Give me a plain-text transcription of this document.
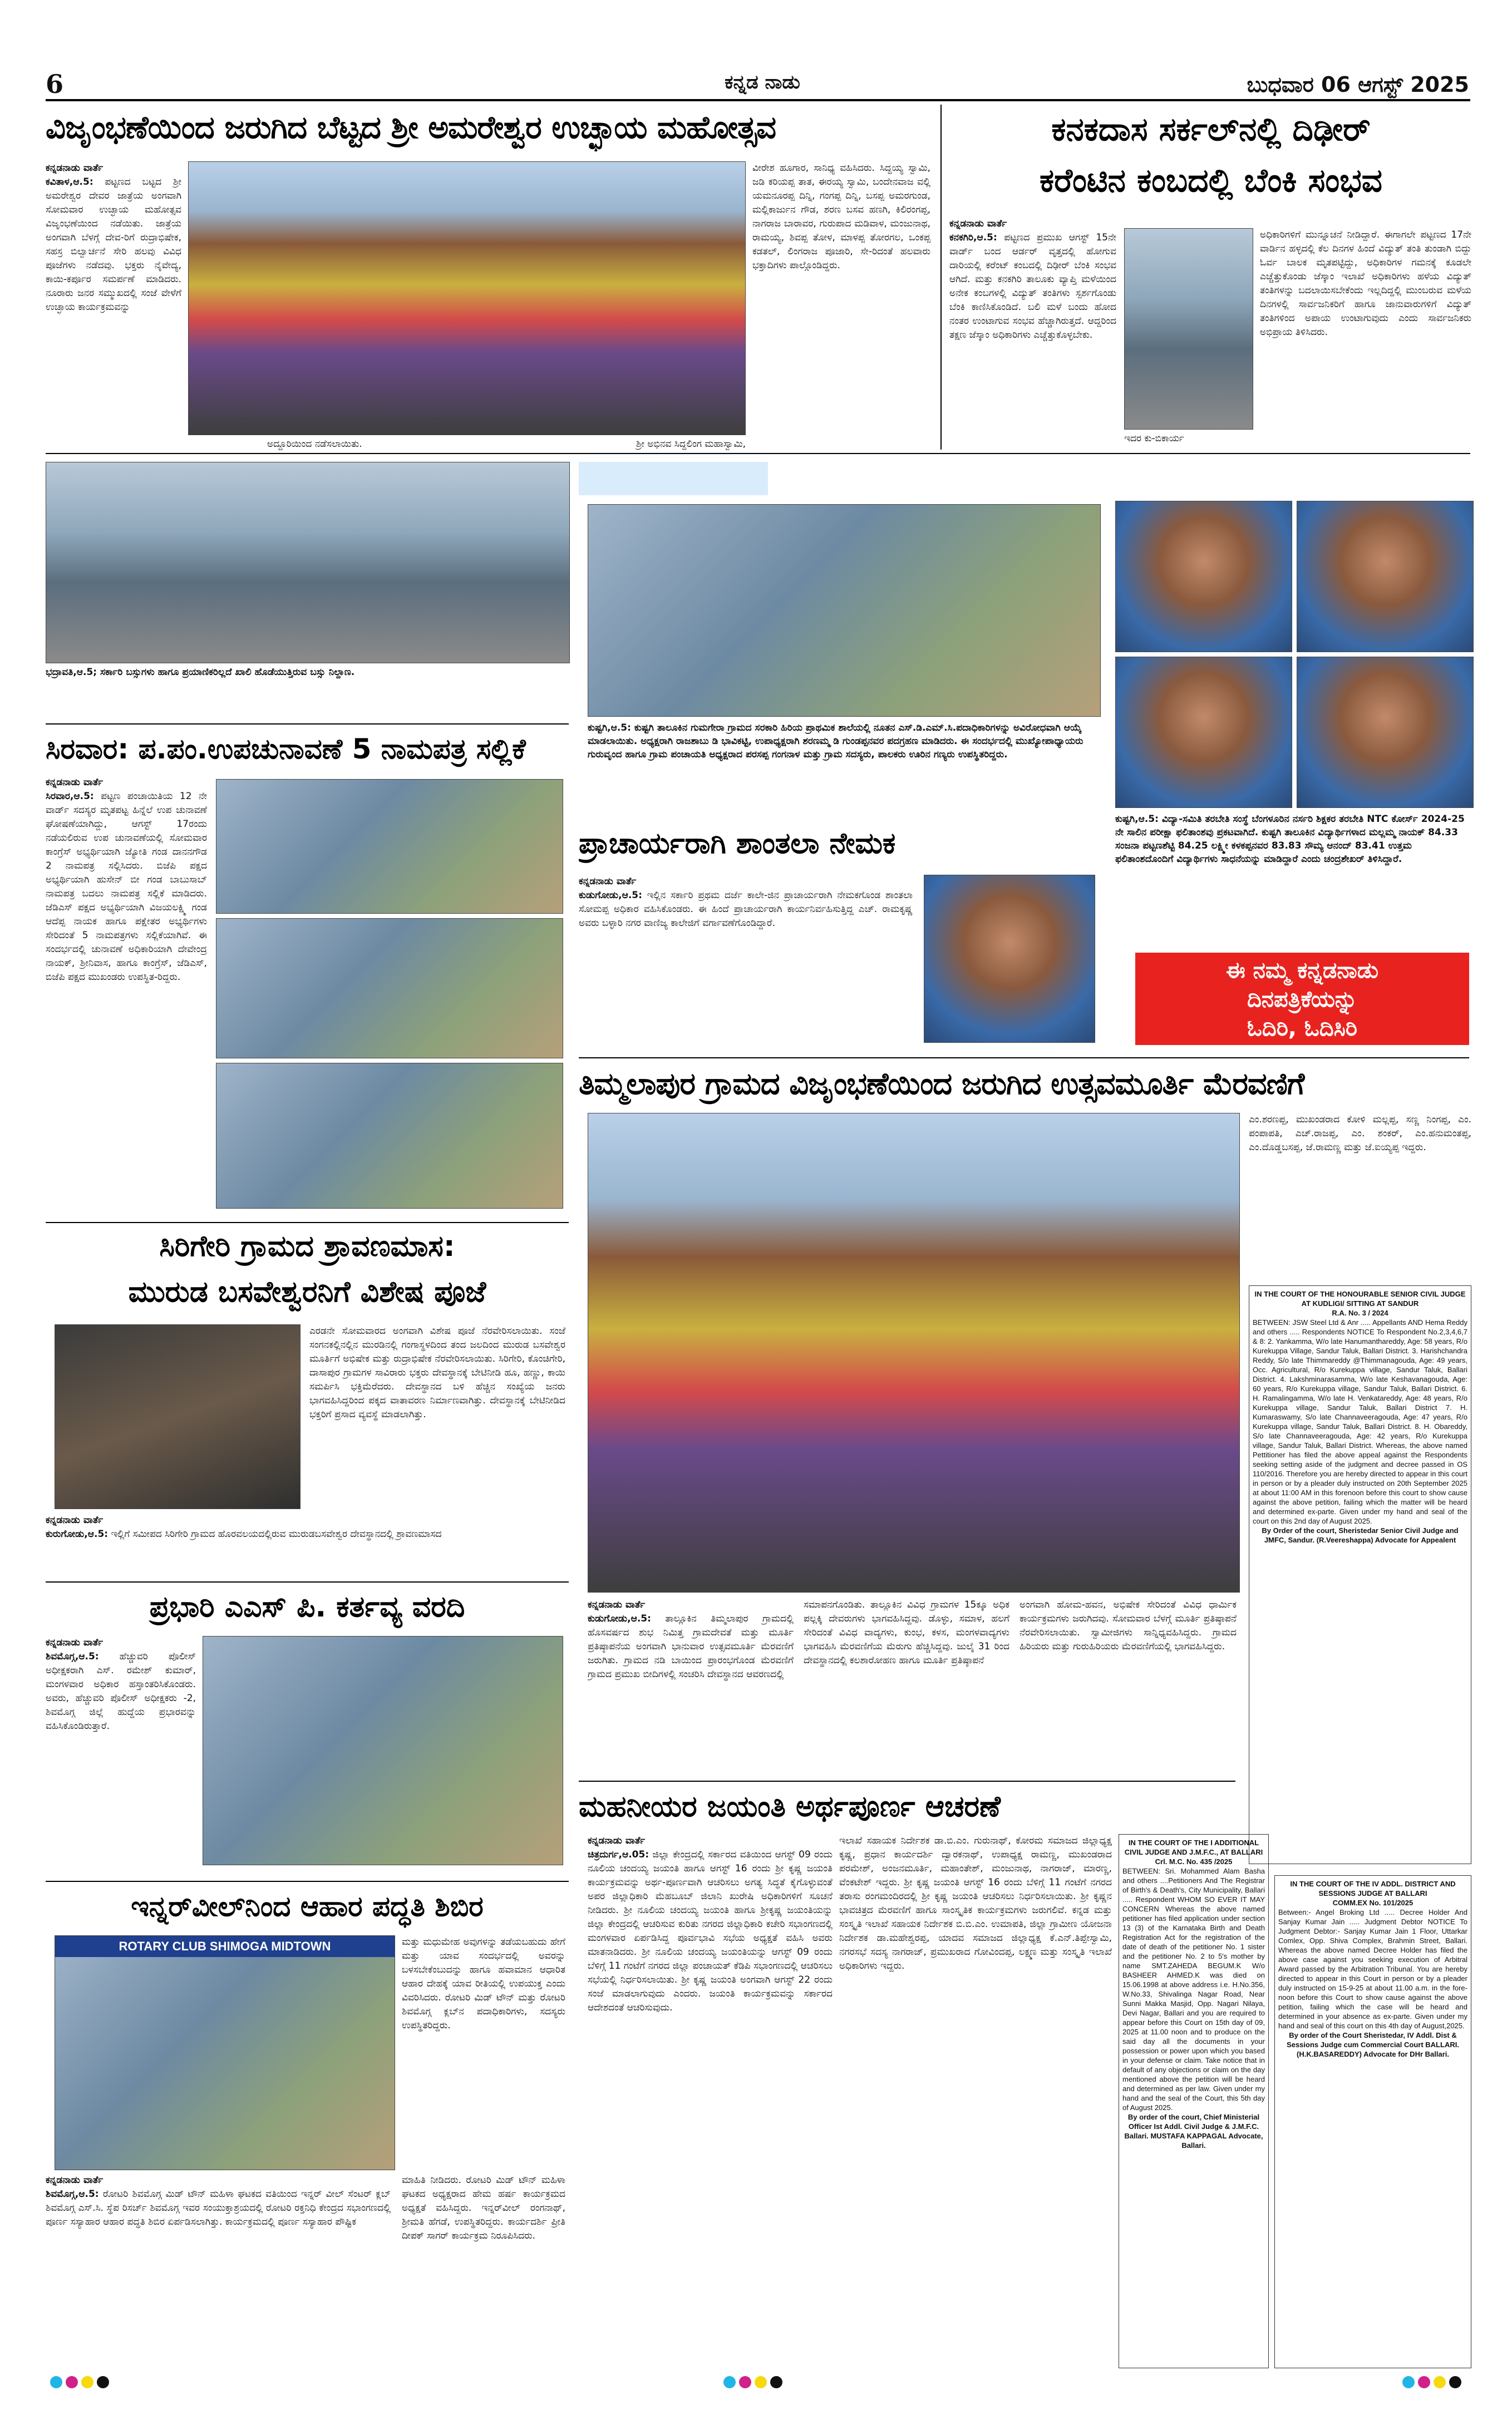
6	ಕನ್ನಡ ನಾಡು	ಬುಧವಾರ 06 ಆಗಸ್ಟ್ 2025
ವಿಜೃಂಭಣೆಯಿಂದ ಜರುಗಿದ ಬೆಟ್ಟದ ಶ್ರೀ ಅಮರೇಶ್ವರ ಉಚ್ಛಾಯ ಮಹೋತ್ಸವ
ಕನ್ನಡನಾಡು ವಾರ್ತೆ
ಕವಿತಾಳ,ಆ.5: ಪಟ್ಟಣದ ಬಟ್ಟದ ಶ್ರೀ ಅಮರೇಶ್ವರ ದೇವರ ಜಾತ್ರೆಯ ಅಂಗವಾಗಿ ಸೋಮವಾರ ಉಚ್ಛಾಯ ಮಹೋತ್ಸವ ವಿಜೃಂಭಣೆಯಿಂದ ನಡೆಯಿತು. ಜಾತ್ರೆಯ ಅಂಗವಾಗಿ ಬೆಳಗ್ಗೆ ದೇವ-ರಿಗೆ ರುದ್ರಾಭಿಷೇಕ, ಸಹಸ್ರ ಬಿಲ್ವಾರ್ಚನೆ ಸೇರಿ ಹಲವು ವಿವಿಧ ಪೂಜೆಗಳು ನಡೆದವು. ಭಕ್ತರು ನೈವೇದ್ಯ, ಕಾಯಿ-ಕರ್ಪೂರ ಸಮರ್ಪಣೆ ಮಾಡಿದರು. ನೂರಾರು ಜನರ ಸಮ್ಮುಖದಲ್ಲಿ ಸಂಜೆ ವೇಳೆಗೆ ಉಚ್ಛಾಯ ಕಾರ್ಯಕ್ರಮವನ್ನು
ಅದ್ದೂರಿಯಿಂದ ನಡೆಸಲಾಯಿತು.	ಶ್ರೀ ಅಭಿನವ ಸಿದ್ದಲಿಂಗ ಮಹಾಸ್ವಾಮಿ,
ವೀರೇಶ ಹೂಗಾರ, ಸಾನಿಧ್ಯ ವಹಿಸಿದರು. ಸಿದ್ದಯ್ಯ ಸ್ವಾಮಿ, ಜಡಿ ಕರಿಯಪ್ಪ ತಾತ, ಈರಯ್ಯ ಸ್ವಾಮಿ, ಬಂದೇನವಾಜ ವಲ್ಲಿ ಯಮನೂರಪ್ಪ ದಿನ್ನಿ, ಗಂಗಪ್ಪ ದಿನ್ನಿ, ಬಸಪ್ಪ ಅಮರಗುಂಡ, ಮಲ್ಲಿಕಾರ್ಜುನ ಗೌಡ, ಶರಣ ಬಸವ ಹಣಗಿ, ಕಿಲಿರಂಗಪ್ಪ, ನಾಗರಾಜ ಬಾರಾವರ, ಗುರುಪಾದ ಮಡಿವಾಳ, ಮಂಜುನಾಥ, ರಾಮಯ್ಯ, ಶಿವಪ್ಪ ತೋಳ, ಮಾಳಪ್ಪ ತೋರಗಲ, ಒಂಕಪ್ಪ ಕಡತಲ್, ಲಿಂಗರಾಜ ಪೂಜಾರಿ, ಸೇ-ರಿದಂತೆ ಹಲವಾರು ಭಕ್ತಾದಿಗಳು ಪಾಲ್ಗೊಂಡಿದ್ದರು.
ಕನಕದಾಸ ಸರ್ಕಲ್‌ನಲ್ಲಿ ದಿಢೀರ್
ಕರೆಂಟಿನ ಕಂಬದಲ್ಲಿ ಬೆಂಕಿ ಸಂಭವ
ಕನ್ನಡನಾಡು ವಾರ್ತೆ
ಕನಕಗಿರಿ,ಆ.5: ಪಟ್ಟಣದ ಪ್ರಮುಖ ಆಗಸ್ಟ್ 15ನೇ ವಾರ್ಡ್ ಬಂದ ಆರ್ಡರ್ ವೃತ್ತದಲ್ಲಿ ಹೋಗುವ ದಾರಿಯಲ್ಲಿ ಕರೆಂಟ್ ಕಂಬದಲ್ಲಿ ದಿಢೀರ್ ಬೆಂಕಿ ಸಂಭವ ಆಗಿದೆ. ಮತ್ತು ಕನಕಗಿರಿ ತಾಲೂಕು ವ್ಯಾಪ್ತಿ ಮಳೆಯಿಂದ ಅನೇಕ ಕಂಬಗಳಲ್ಲಿ ವಿದ್ಯುತ್ ತಂತಿಗಳು ಸ್ಪರ್ಶಗೊಂಡು ಬೆಂಕಿ ಕಾಣಿಸಿಕೊಂಡಿದೆ. ಬಲಿ ಮಳೆ ಬಂದು ಹೋದ ನಂತರ ಉಂಟಾಗುವ ಸಂಭವ ಹೆಚ್ಚಾಗಿರುತ್ತದೆ. ಆದ್ದರಿಂದ ತಕ್ಷಣ ಜೆಸ್ಕಾಂ ಅಧಿಕಾರಿಗಳು ಎಚ್ಚೆತ್ತುಕೊಳ್ಳಬೇಕು.
ಇದರ ಕು-ಬಿಕಾರ್ಯ
ಅಧಿಕಾರಿಗಳಿಗೆ ಮುನ್ನೂಚನೆ ನೀಡಿದ್ದಾರೆ. ಈಗಾಗಲೇ ಪಟ್ಟಣದ 17ನೇ ವಾರ್ಡಿನ ಹಳ್ಳದಲ್ಲಿ ಕೆಲ ದಿನಗಳ ಹಿಂದೆ ವಿದ್ಯುತ್ ತಂತಿ ತುಂಡಾಗಿ ಬಿದ್ದು ಓರ್ವ ಬಾಲಕ ಮೃತಪಟ್ಟಿದ್ದು, ಅಧಿಕಾರಿಗಳ ಗಮನಕ್ಕೆ ಕೂಡಲೇ ಎಚ್ಚೆತ್ತುಕೊಂಡು ಜೆಸ್ಕಾಂ ಇಲಾಖೆ ಅಧಿಕಾರಿಗಳು ಹಳೆಯ ವಿದ್ಯುತ್ ತಂತಿಗಳನ್ನು ಬದಲಾಯಿಸಬೇಕೆಂದು ಇಲ್ಲದಿದ್ದಲ್ಲಿ ಮುಂಬರುವ ಮಳೆಯ ದಿನಗಳಲ್ಲಿ ಸಾರ್ವಜನಿಕರಿಗೆ ಹಾಗೂ ಜಾನುವಾರುಗಳಿಗೆ ವಿದ್ಯುತ್ ತಂತಿಗಳಿಂದ ಅಪಾಯ ಉಂಟಾಗುವುದು ಎಂದು ಸಾರ್ವಜನಿಕರು ಅಭಿಪ್ರಾಯ ತಿಳಿಸಿದರು.
ಭದ್ರಾವತಿ,ಆ.5; ಸರ್ಕಾರಿ ಬಸ್ಸುಗಳು ಹಾಗೂ ಪ್ರಯಾಣಿಕರಿಲ್ಲದೆ ಖಾಲಿ ಹೊಡೆಯುತ್ತಿರುವ ಬಸ್ಸು ನಿಲ್ದಾಣ.
ಕುಷ್ಟಗಿ,ಆ.5: ಕುಷ್ಟಗಿ ತಾಲೂಕಿನ ಗುಮಗೇರಾ ಗ್ರಾಮದ ಸರಕಾರಿ ಹಿರಿಯ ಪ್ರಾಥಮಿಕ ಶಾಲೆಯಲ್ಲಿ ನೂತನ ಎಸ್.ಡಿ.ಎಮ್.ಸಿ.ಪದಾಧಿಕಾರಿಗಳನ್ನು ಅವಿರೋಧವಾಗಿ ಆಯ್ಕೆ ಮಾಡಲಾಯಿತು. ಅಧ್ಯಕ್ಷರಾಗಿ ರಾಜಶಾಬು ಡಿ ಭಾವಿಕಟ್ಟಿ, ಉಪಾಧ್ಯಕ್ಷರಾಗಿ ಶರಣಮ್ಮ ಡಿ ಗುಂಡಪ್ಪನವರ ಪದಗ್ರಹಣ ಮಾಡಿದರು. ಈ ಸಂದರ್ಭದಲ್ಲಿ ಮುಖ್ಯೋಪಾಧ್ಯಾಯರು ಗುರುವೃಂದ ಹಾಗೂ ಗ್ರಾಮ ಪಂಚಾಯತಿ ಅಧ್ಯಕ್ಷರಾದ ಪರಸಪ್ಪ ಗಂಗನಾಳ ಮತ್ತು ಗ್ರಾಮ ಸದಸ್ಯರು, ಪಾಲಕರು ಊರಿನ ಗಣ್ಯರು ಉಪಸ್ಥಿತರಿದ್ದರು.
ಕುಷ್ಟಗಿ,ಆ.5: ವಿದ್ಯಾ-ಸಮಿತಿ ತರಬೇತಿ ಸಂಸ್ಥೆ ಬೆಂಗಳೂರಿನ ನರ್ಸರಿ ಶಿಕ್ಷಕರ ತರಬೇತಿ NTC ಕೋರ್ಸ್ 2024-25 ನೇ ಸಾಲಿನ ಪರೀಕ್ಷಾ ಫಲಿತಾಂಶವು ಪ್ರಕಟವಾಗಿದೆ. ಕುಷ್ಟಗಿ ತಾಲೂಕಿನ ವಿದ್ಯಾರ್ಥಿಗಳಾದ ಮಲ್ಲಮ್ಮ ನಾಯಕ್ 84.33 ಸಂಜನಾ ಪಟ್ಟಣಶೆಟ್ಟಿ 84.25 ಲಕ್ಷ್ಮೀ ಕಳಕಪ್ಪನವರ 83.83 ಸೌಮ್ಯ ಆನಂದ್ 83.41 ಉತ್ತಮ ಫಲಿತಾಂಶದೊಂದಿಗೆ ವಿದ್ಯಾರ್ಥಿಗಳು ಸಾಧನೆಯನ್ನು ಮಾಡಿದ್ದಾರೆ ಎಂದು ಚಂದ್ರಶೇಖರ್ ತಿಳಿಸಿದ್ದಾರೆ.
ಸಿರವಾರ: ಪ.ಪಂ.ಉಪಚುನಾವಣೆ 5 ನಾಮಪತ್ರ ಸಲ್ಲಿಕೆ
ಕನ್ನಡನಾಡು ವಾರ್ತೆ
ಸಿರವಾರ,ಆ.5: ಪಟ್ಟಣ ಪಂಚಾಯಿತಿಯ 12 ನೇ ವಾರ್ಡ್ ಸದಸ್ಯರ ಮೃತಪಟ್ಟ ಹಿನ್ನೆಲೆ ಉಪ ಚುನಾವಣೆ ಘೋಷಣೆಯಾಗಿದ್ದು, ಆಗಸ್ಟ್ 17ರಂದು ನಡೆಯಲಿರುವ ಉಪ ಚುನಾವಣೆಯಲ್ಲಿ ಸೋಮವಾರ ಕಾಂಗ್ರೆಸ್ ಅಭ್ಯರ್ಥಿಯಾಗಿ ಜ್ಯೋತಿ ಗಂಡ ದಾನನಗೌಡ 2 ನಾಮಪತ್ರ ಸಲ್ಲಿಸಿದರು. ಬಿಜೆಪಿ ಪಕ್ಷದ ಅಭ್ಯರ್ಥಿಯಾಗಿ ಹುಸೇನ್ ಬೀ ಗಂಡ ಬಾಬುಸಾಬ್ ನಾಮಪತ್ರ ಬದಲು ನಾಮಪತ್ರ ಸಲ್ಲಿಕೆ ಮಾಡಿದರು. ಜೆಡಿಎಸ್ ಪಕ್ಷದ ಅಭ್ಯರ್ಥಿಯಾಗಿ ವಿಜಯಲಕ್ಷ್ಮಿ ಗಂಡ ಆದೆಪ್ಪ ನಾಯಕ ಹಾಗೂ ಪಕ್ಷೇತರ ಅಭ್ಯರ್ಥಿಗಳು ಸೇರಿದಂತೆ 5 ನಾಮಪತ್ರಗಳು ಸಲ್ಲಿಕೆಯಾಗಿವೆ. ಈ ಸಂದರ್ಭದಲ್ಲಿ ಚುನಾವಣೆ ಅಧಿಕಾರಿಯಾಗಿ ದೇವೇಂದ್ರ ನಾಯಕ್, ಶ್ರೀನಿವಾಸ, ಹಾಗೂ ಕಾಂಗ್ರೆಸ್, ಜೆಡಿಎಸ್, ಬಿಜೆಪಿ ಪಕ್ಷದ ಮುಖಂಡರು ಉಪಸ್ಥಿತ-ರಿದ್ದರು.
ಪ್ರಾಚಾರ್ಯರಾಗಿ ಶಾಂತಲಾ ನೇಮಕ
ಕನ್ನಡನಾಡು ವಾರ್ತೆ
ಕುಡುಗೋಡು,ಆ.5: ಇಲ್ಲಿನ ಸರ್ಕಾರಿ ಪ್ರಥಮ ದರ್ಜೆ ಕಾಲೇ-ಜಿನ ಪ್ರಾಚಾರ್ಯರಾಗಿ ನೇಮಕಗೊಂಡ ಶಾಂತಲಾ ಸೋಮಪ್ಪ ಅಧಿಕಾರ ವಹಿಸಿಕೊಂಡರು. ಈ ಹಿಂದೆ ಪ್ರಾಚಾರ್ಯರಾಗಿ ಕಾರ್ಯನಿರ್ವಹಿಸುತ್ತಿದ್ದ ಎಚ್. ರಾಮಕೃಷ್ಣ ಅವರು ಬಳ್ಳಾರಿ ನಗರ ವಾಣಿಜ್ಯ ಕಾಲೇಜಿಗೆ ವರ್ಗಾವಣೆಗೊಂಡಿದ್ದಾರೆ.
ಈ ನಮ್ಮ ಕನ್ನಡನಾಡು
ದಿನಪತ್ರಿಕೆಯನ್ನು
ಓದಿರಿ, ಓದಿಸಿರಿ
ತಿಮ್ಮಲಾಪುರ ಗ್ರಾಮದ ವಿಜೃಂಭಣೆಯಿಂದ ಜರುಗಿದ ಉತ್ಸವಮೂರ್ತಿ ಮೆರವಣಿಗೆ
ಎಂ.ಶರಣಪ್ಪ, ಮುಖಂಡರಾದ ಕೋಳಿ ಮಲ್ಲಪ್ಪ, ಸಣ್ಣ ನಿಂಗಪ್ಪ, ಎಂ. ಪಂಪಾಪತಿ, ಎಚ್.ರಾಜಪ್ಪ, ಎಂ. ಶಂಕರ್, ಎಂ.ಹನುಮಂತಪ್ಪ, ಎಂ.ದೊಡ್ಡಬಸಪ್ಪ, ಜೆ.ರಾಮಣ್ಣ ಮತ್ತು ಜೆ.ಐಯ್ಯಪ್ಪ ಇದ್ದರು.
ಕನ್ನಡನಾಡು ವಾರ್ತೆ
ಕುಡುಗೋಡು,ಆ.5: ತಾಲ್ಲೂಕಿನ ತಿಮ್ಮಲಾಪುರ ಗ್ರಾಮದಲ್ಲಿ ಹೊಸವರ್ಷದ ಶುಭ ನಿಮಿತ್ತ ಗ್ರಾಮದೇವತೆ ಮತ್ತು ಮೂರ್ತಿ ಪ್ರತಿಷ್ಠಾಪನೆಯ ಅಂಗವಾಗಿ ಭಾನುವಾರ ಉತ್ಸವಮೂರ್ತಿ ಮೆರವಣಿಗೆ ಜರುಗಿತು. ಗ್ರಾಮದ ನಡಿ ಬಾಯಿಂದ ಪ್ರಾರಂಭಗೊಂಡ ಮೆರವಣಿಗೆ ಗ್ರಾಮದ ಪ್ರಮುಖ ಬೀದಿಗಳಲ್ಲಿ ಸಂಚರಿಸಿ ದೇವಸ್ಥಾನದ ಆವರಣದಲ್ಲಿ
ಸಮಾಪನಗೊಂಡಿತು. ತಾಲ್ಲೂಕಿನ ವಿವಿಧ ಗ್ರಾಮಗಳ 15ಕ್ಕೂ ಅಧಿಕ ಪಲ್ಲಕ್ಕಿ ದೇವರುಗಳು ಭಾಗವಹಿಸಿದ್ದವು. ಡೊಳ್ಳು, ಸಮಾಳ, ಹಲಗೆ ಸೇರಿದಂತೆ ವಿವಿಧ ವಾದ್ಯಗಳು, ಕುಂಭ, ಕಳಸ, ಮಂಗಳವಾದ್ಯಗಳು ಭಾಗವಹಿಸಿ ಮೆರವಣಿಗೆಯ ಮೆರುಗು ಹೆಚ್ಚಿಸಿದ್ದವು. ಜುಲೈ 31 ರಿಂದ ದೇವಸ್ಥಾನದಲ್ಲಿ ಕಲಶಾರೋಹಣ ಹಾಗೂ ಮೂರ್ತಿ ಪ್ರತಿಷ್ಠಾಪನೆ
ಅಂಗವಾಗಿ ಹೋಮ-ಹವನ, ಅಭಿಷೇಕ ಸೇರಿದಂತೆ ವಿವಿಧ ಧಾರ್ಮಿಕ ಕಾರ್ಯಕ್ರಮಗಳು ಜರುಗಿದವು. ಸೋಮವಾರ ಬೆಳಗ್ಗೆ ಮೂರ್ತಿ ಪ್ರತಿಷ್ಠಾಪನೆ ನೆರವೇರಿಸಲಾಯಿತು. ಸ್ವಾಮೀಜಿಗಳು ಸಾನ್ನಿಧ್ಯವಹಿಸಿದ್ದರು. ಗ್ರಾಮದ ಹಿರಿಯರು ಮತ್ತು ಗುರುಹಿರಿಯರು ಮೆರವಣಿಗೆಯಲ್ಲಿ ಭಾಗವಹಿಸಿದ್ದರು.
IN THE COURT OF THE HONOURABLE SENIOR CIVIL JUDGE AT KUDLIGI/ SITTING AT SANDUR
R.A. No. 3 / 2024
BETWEEN: JSW Steel Ltd & Anr ..... Appellants AND Hema Reddy and others ..... Respondents NOTICE To Respondent No.2,3,4,6,7 & 8: 2. Yankamma, W/o late Hanumanthareddy, Age: 58 years, R/o Kurekuppa Village, Sandur Taluk, Ballari District. 3. Harishchandra Reddy, S/o late Thimmareddy @Thimmanagouda, Age: 49 years, Occ. Agricultural, R/o Kurekuppa village, Sandur Taluk, Ballari District. 4. Lakshminarasamma, W/o late Keshavanagouda, Age: 60 years, R/o Kurekuppa village, Sandur Taluk, Ballari District. 6. H. Ramalingamma, W/o late H. Venkatareddy, Age: 48 years, R/o Kurekuppa village, Sandur Taluk, Ballari District 7. H. Kumaraswamy, S/o late Channaveeragouda, Age: 47 years, R/o Kurekuppa village, Sandur Taluk, Ballari District. 8. H. Obareddy, S/o late Channaveeragouda, Age: 42 years, R/o Kurekuppa village, Sandur Taluk, Ballari District. Whereas, the above named Pettitioner has filed the above appeal against the Respondents seeking setting aside of the judgment and decree passed in OS 110/2016. Therefore you are hereby directed to appear in this court in person or by a pleader duly instructed on 20th September 2025 at about 11:00 AM in this forenoon before this court to show cause against the above petition, failing which the matter will be heard and determined ex-parte. Given under my hand and seal of the court on this 2nd day of August 2025.
By Order of the court, Sheristedar Senior Civil Judge and JMFC, Sandur. (R.Veereshappa) Advocate for Appealent
ಸಿರಿಗೇರಿ ಗ್ರಾಮದ ಶ್ರಾವಣಮಾಸ:
ಮುರುಡ ಬಸವೇಶ್ವರನಿಗೆ ವಿಶೇಷ ಪೂಜೆ
ಎರಡನೇ ಸೋಮವಾರದ ಅಂಗವಾಗಿ ವಿಶೇಷ ಪೂಜೆ ನೆರವೇರಿಸಲಾಯಿತು. ಸಂಜೆ ಸಂಗನಕಲ್ಲಿನಲ್ಲಿನ ಮುರಡಿನಲ್ಲಿ ಗಂಗಾಸ್ಥಳದಿಂದ ತಂದ ಜಲದಿಂದ ಮುರುಡ ಬಸವೇಶ್ವರ ಮೂರ್ತಿಗೆ ಅಭಿಷೇಕ ಮತ್ತು ರುದ್ರಾಭಿಷೇಕ ನೆರವೇರಿಸಲಾಯಿತು. ಸಿರಿಗೇರಿ, ಕೊಂಚಿಗೇರಿ, ದಾಸಾಪುರ ಗ್ರಾಮಗಳ ಸಾವಿರಾರು ಭಕ್ತರು ದೇವಸ್ಥಾನಕ್ಕೆ ಬೇಟಿನೀಡಿ ಹೂ, ಹಣ್ಣು, ಕಾಯಿ ಸಮರ್ಪಿಸಿ ಭಕ್ತಿಮೆರೆದರು. ದೇವಸ್ಥಾನದ ಬಳಿ ಹೆಚ್ಚಿನ ಸಂಖ್ಯೆಯ ಜನರು ಭಾಗವಹಿಸಿದ್ದರಿಂದ ಪಕ್ಕದ ವಾತಾವರಣ ನಿರ್ಮಾಣವಾಗಿತ್ತು. ದೇವಸ್ಥಾನಕ್ಕೆ ಬೇಟಿನೀಡಿದ ಭಕ್ತರಿಗೆ ಪ್ರಸಾದ ವ್ಯವಸ್ಥೆ ಮಾಡಲಾಗಿತ್ತು.
ಕನ್ನಡನಾಡು ವಾರ್ತೆ
ಕುರುಗೋಡು,ಆ.5: ಇಲ್ಲಿಗೆ ಸಮೀಪದ ಸಿರಿಗೇರಿ ಗ್ರಾಮದ ಹೊರವಲಯದಲ್ಲಿರುವ ಮುರುಡಬಸವೇಶ್ವರ ದೇವಸ್ಥಾನದಲ್ಲಿ ಶ್ರಾವಣಮಾಸದ
ಪ್ರಭಾರಿ ಎಎಸ್ ಪಿ. ಕರ್ತವ್ಯ ವರದಿ
ಕನ್ನಡನಾಡು ವಾರ್ತೆ
ಶಿವಮೊಗ್ಗ,ಆ.5: ಹೆಚ್ಚುವರಿ ಪೊಲೀಸ್ ಅಧೀಕ್ಷಕರಾಗಿ ಎಸ್. ರಮೇಶ್ ಕುಮಾರ್, ಮಂಗಳವಾರ ಅಧಿಕಾರ ಹಸ್ತಾಂತರಿಸಿಕೊಂಡರು. ಅವರು, ಹೆಚ್ಚುವರಿ ಪೊಲೀಸ್ ಅಧೀಕ್ಷಕರು -2, ಶಿವಮೊಗ್ಗ ಜಿಲ್ಲೆ ಹುದ್ದೆಯ ಪ್ರಭಾರವನ್ನು ವಹಿಸಿಕೊಂಡಿರುತ್ತಾರೆ.
ಮಹನೀಯರ ಜಯಂತಿ ಅರ್ಥಪೂರ್ಣ ಆಚರಣೆ
ಕನ್ನಡನಾಡು ವಾರ್ತೆ
ಚಿತ್ರದುರ್ಗ,ಆ.05: ಜಿಲ್ಲಾ ಕೇಂದ್ರದಲ್ಲಿ ಸರ್ಕಾರದ ವತಿಯಿಂದ ಆಗಸ್ಟ್ 09 ರಂದು ನೂಲಿಯ ಚಂದಯ್ಯ ಜಯಂತಿ ಹಾಗೂ ಆಗಸ್ಟ್ 16 ರಂದು ಶ್ರೀ ಕೃಷ್ಣ ಜಯಂತಿ ಕಾರ್ಯಕ್ರಮವನ್ನು ಅರ್ಥ-ಪೂರ್ಣವಾಗಿ ಆಚರಿಸಲು ಅಗತ್ಯ ಸಿದ್ಧತೆ ಕೈಗೊಳ್ಳುವಂತೆ ಅಪರ ಜಿಲ್ಲಾಧಿಕಾರಿ ಮೆಹಬೂಬ್ ಜಿಲಾನಿ ಖುರೇಷಿ ಅಧಿಕಾರಿಗಳಿಗೆ ಸೂಚನೆ ನೀಡಿದರು. ಶ್ರೀ ನೂಲಿಯ ಚಂದಯ್ಯ ಜಯಂತಿ ಹಾಗೂ ಶ್ರೀಕೃಷ್ಣ ಜಯಂತಿಯನ್ನು ಜಿಲ್ಲಾ ಕೇಂದ್ರದಲ್ಲಿ ಆಚರಿಸುವ ಕುರಿತು ನಗರದ ಜಿಲ್ಲಾಧಿಕಾರಿ ಕಚೇರಿ ಸಭಾಂಗಣದಲ್ಲಿ ಮಂಗಳವಾರ ಏರ್ಪಡಿಸಿದ್ದ ಪೂರ್ವಭಾವಿ ಸಭೆಯ ಅಧ್ಯಕ್ಷತೆ ವಹಿಸಿ ಅವರು ಮಾತನಾಡಿದರು. ಶ್ರೀ ನೂಲಿಯ ಚಂದಯ್ಯ ಜಯಂತಿಯನ್ನು ಆಗಸ್ಟ್ 09 ರಂದು ಬೆಳಿಗ್ಗೆ 11 ಗಂಟೆಗೆ ನಗರದ ಜಿಲ್ಲಾ ಪಂಚಾಯತ್ ಕೆಡಿಪಿ ಸಭಾಂಗಣದಲ್ಲಿ ಆಚರಿಸಲು ಸಭೆಯಲ್ಲಿ ನಿರ್ಧರಿಸಲಾಯಿತು. ಶ್ರೀ ಕೃಷ್ಣ ಜಯಂತಿ ಅಂಗವಾಗಿ ಆಗಸ್ಟ್ 22 ರಂದು ಸಂಜೆ ಮಾಡಲಾಗುವುದು ಎಂದರು. ಜಯಂತಿ ಕಾರ್ಯಕ್ರಮವನ್ನು ಸರ್ಕಾರದ ಆದೇಶದಂತೆ ಆಚರಿಸುವುದು.
ಇಲಾಖೆ ಸಹಾಯಕ ನಿರ್ದೇಶಕ ಡಾ.ಬಿ.ಎಂ. ಗುರುನಾಥ್, ಕೋರಮ ಸಮಾಜದ ಜಿಲ್ಲಾಧ್ಯಕ್ಷ ಕೃಷ್ಣ, ಪ್ರಧಾನ ಕಾರ್ಯದರ್ಶಿ ದ್ವಾರಕನಾಥ್, ಉಪಾಧ್ಯಕ್ಷ ರಾಮಣ್ಣ, ಮುಖಂಡರಾದ ಪರಮೇಶ್, ಅಂಜನಮೂರ್ತಿ, ಮಹಾಂತೇಶ್, ಮಂಜುನಾಥ, ನಾಗರಾಜ್, ಮಾರಣ್ಣ, ವೆಂಕಟೇಶ್ ಇದ್ದರು. ಶ್ರೀ ಕೃಷ್ಣ ಜಯಂತಿ ಆಗಸ್ಟ್ 16 ರಂದು ಬೆಳಿಗ್ಗೆ 11 ಗಂಟೆಗೆ ನಗರದ ತರಾಸು ರಂಗಮಂದಿರದಲ್ಲಿ ಶ್ರೀ ಕೃಷ್ಣ ಜಯಂತಿ ಆಚರಿಸಲು ನಿರ್ಧರಿಸಲಾಯಿತು. ಶ್ರೀ ಕೃಷ್ಣನ ಭಾವಚಿತ್ರದ ಮೆರವಣಿಗೆ ಹಾಗೂ ಸಾಂಸ್ಕೃತಿಕ ಕಾರ್ಯಕ್ರಮಗಳು ಜರುಗಲಿವೆ. ಕನ್ನಡ ಮತ್ತು ಸಂಸ್ಕೃತಿ ಇಲಾಖೆ ಸಹಾಯಕ ನಿರ್ದೇಶಕ ಬಿ.ಬಿ.ಎಂ. ಉಮಾಪತಿ, ಜಿಲ್ಲಾ ಗ್ರಾಮೀಣ ಯೋಜನಾ ನಿರ್ದೇಶಕ ಡಾ.ಮಹೇಶ್ವರಪ್ಪ, ಯಾದವ ಸಮಾಜದ ಜಿಲ್ಲಾಧ್ಯಕ್ಷ ಕೆ.ಎನ್.ತಿಪ್ಪೇಸ್ವಾಮಿ, ನಗರಸಭೆ ಸದಸ್ಯ ನಾಗರಾಜ್, ಪ್ರಮುಖರಾದ ಗೋವಿಂದಪ್ಪ, ಲಕ್ಷ್ಮಣ ಮತ್ತು ಸಂಸ್ಕೃತಿ ಇಲಾಖೆ ಅಧಿಕಾರಿಗಳು ಇದ್ದರು.
IN THE COURT OF THE I ADDITIONAL CIVIL JUDGE AND J.M.F.C., AT BALLARI
Crl. M.C. No. 435 /2025
BETWEEN: Sri. Mohammed Alam Basha and others ....Petitioners And The Registrar of Birth's & Death's, City Municipality, Ballari ..... Respondent WHOM SO EVER IT MAY CONCERN Whereas the above named petitioner has filed application under section 13 (3) of the Karnataka Birth and Death Registration Act for the registration of the date of death of the petitioner No. 1 sister and the petitioner No. 2 to 5's mother by name SMT.ZAHEDA BEGUM.K W/o BASHEER AHMED.K was died on 15.06.1998 at above address i.e. H.No.356, W.No.33, Shivalinga Nagar Road, Near Sunni Makka Masjid, Opp. Nagari Nilaya, Devi Nagar, Ballari and you are required to appear before this Court on 15th day of 09, 2025 at 11.00 noon and to produce on the said day all the documents in your possession or power upon which you based in your defense or claim. Take notice that in default of any objections or claim on the day mentioned above the petition will be heard and determined as per law. Given under my hand and the seal of the Court, this 5th day of August 2025.
By order of the court, Chief Ministerial Officer Ist Addl. Civil Judge & J.M.F.C. Ballari. MUSTAFA KAPPAGAL Advocate, Ballari.
IN THE COURT OF THE IV ADDL. DISTRICT AND SESSIONS JUDGE AT BALLARI
COMM.EX No. 101/2025
Between:- Angel Broking Ltd ..... Decree Holder And Sanjay Kumar Jain ..... Judgment Debtor NOTICE To Judgment Debtor:- Sanjay Kumar Jain 1 Floor, Uttarkar Comlex, Opp. Shiva Complex, Brahmin Street, Ballari. Whereas the above named Decree Holder has filed the above case against you seeking execution of Arbitral Award passed by the Arbitration Tribunal. You are hereby directed to appear in this Court in person or by a pleader duly instructed on 15-9-25 at about 11.00 a.m. in the fore-noon before this Court to show cause against the above petition, failing which the case will be heard and determined in your absence as ex-parte. Given under my hand and seal of this court on this 4th day of August,2025.
By order of the Court Sheristedar, IV Addl. Dist & Sessions Judge cum Commercial Court BALLARI. (H.K.BASAREDDY) Advocate for DHr Ballari.
ಇನ್ನರ್‌ವೀಲ್‌ನಿಂದ ಆಹಾರ ಪದ್ಧತಿ ಶಿಬಿರ
ROTARY CLUB SHIMOGA MIDTOWN	ಮತ್ತು ಮಧುಮೇಹ ಅವುಗಳನ್ನು ತಡೆಯಬಹುದು ಹೇಗೆ ಮತ್ತು ಯಾವ ಸಂದರ್ಭದಲ್ಲಿ ಅವರನ್ನು ಬಳಸಬೇಕೆಂಬುದನ್ನು ಹಾಗೂ ಹವಾಮಾನ ಆಧಾರಿತ ಆಹಾರ ದೇಹಕ್ಕೆ ಯಾವ ರೀತಿಯಲ್ಲಿ ಉಪಯುಕ್ತ ಎಂದು ವಿವರಿಸಿದರು. ರೋಟರಿ ಮಿಡ್ ಟೌನ್ ಮತ್ತು ರೋಟರಿ ಶಿವಮೊಗ್ಗ ಕ್ಲಬ್‌ನ ಪದಾಧಿಕಾರಿಗಳು, ಸದಸ್ಯರು ಉಪಸ್ಥಿತರಿದ್ದರು.
ಕನ್ನಡನಾಡು ವಾರ್ತೆ
ಶಿವಮೊಗ್ಗ,ಆ.5: ರೋಟರಿ ಶಿವಮೊಗ್ಗ ಮಿಡ್ ಟೌನ್ ಮಹಿಳಾ ಘಟಕದ ವತಿಯಿಂದ ಇನ್ನರ್ ವೀಲ್ ಸೆಂಟರ್ ಕ್ಲಬ್ ಶಿವಮೊಗ್ಗ ಎಸ್.ಸಿ. ಸ್ಥೆಪ ರಿಸರ್ಚ್ ಶಿವಮೊಗ್ಗ ಇವರ ಸಂಯುಕ್ತಾಶ್ರಯದಲ್ಲಿ ರೋಟರಿ ರಕ್ತನಿಧಿ ಕೇಂದ್ರದ ಸಭಾಂಗಣದಲ್ಲಿ ಪೂರ್ಣ ಸಸ್ಯಾಹಾರ ಆಹಾರ ಪದ್ಧತಿ ಶಿಬಿರ ಏರ್ಪಡಿಸಲಾಗಿತ್ತು. ಕಾರ್ಯಕ್ರಮದಲ್ಲಿ ಪೂರ್ಣ ಸಸ್ಯಾಹಾರ ಪೌಷ್ಟಿಕ
ಮಾಹಿತಿ ನೀಡಿದರು. ರೋಟರಿ ಮಿಡ್ ಟೌನ್ ಮಹಿಳಾ ಘಟಕದ ಅಧ್ಯಕ್ಷರಾದ ಹೇಮ ಹರ್ಷ ಕಾರ್ಯಕ್ರಮದ ಅಧ್ಯಕ್ಷತೆ ವಹಿಸಿದ್ದರು. ಇನ್ನರ್‌ವೀಲ್ ರಂಗನಾಥ್, ಶ್ರೀಮತಿ ಹೆಗಡೆ, ಉಪಸ್ಥಿತರಿದ್ದರು. ಕಾರ್ಯದರ್ಶಿ ಪ್ರೀತಿ ದೀಪಕ್ ಸಾಗರ್ ಕಾರ್ಯಕ್ರಮ ನಿರೂಪಿಸಿದರು.
